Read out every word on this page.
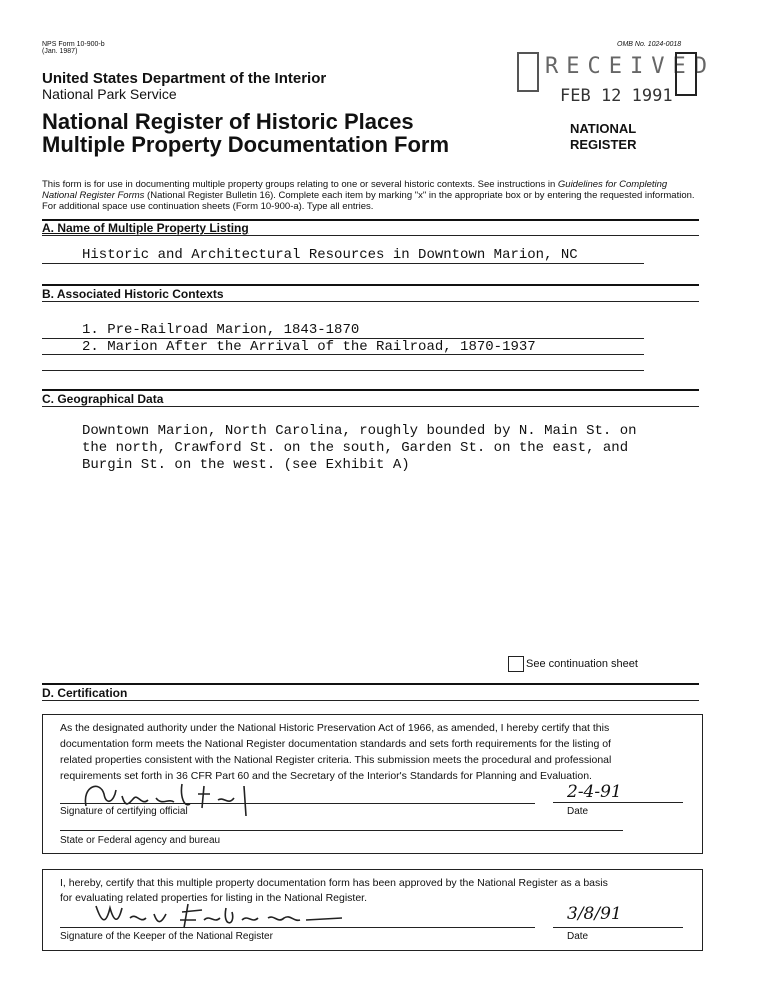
NPS Form 10-900-b
(Jan. 1987)
OMB No. 1024-0018
United States Department of the Interior
National Park Service
National Register of Historic Places
Multiple Property Documentation Form
RECEIVED
FEB 12 1991
NATIONAL
REGISTER
This form is for use in documenting multiple property groups relating to one or several historic contexts. See instructions in Guidelines for Completing National Register Forms (National Register Bulletin 16). Complete each item by marking "x" in the appropriate box or by entering the requested information. For additional space use continuation sheets (Form 10-900-a). Type all entries.
A. Name of Multiple Property Listing
Historic and Architectural Resources in Downtown Marion, NC
B. Associated Historic Contexts
1. Pre-Railroad Marion, 1843-1870
2. Marion After the Arrival of the Railroad, 1870-1937
C. Geographical Data
Downtown Marion, North Carolina, roughly bounded by N. Main St. on
the north, Crawford St. on the south, Garden St. on the east, and
Burgin St. on the west. (see Exhibit A)
See continuation sheet
D. Certification
As the designated authority under the National Historic Preservation Act of 1966, as amended, I hereby certify that this
documentation form meets the National Register documentation standards and sets forth requirements for the listing of
related properties consistent with the National Register criteria. This submission meets the procedural and professional
requirements set forth in 36 CFR Part 60 and the Secretary of the Interior's Standards for Planning and Evaluation.
Signature of certifying official
2-4-91
Date
State or Federal agency and bureau
I, hereby, certify that this multiple property documentation form has been approved by the National Register as a basis
for evaluating related properties for listing in the National Register.
Signature of the Keeper of the National Register
3/8/91
Date
